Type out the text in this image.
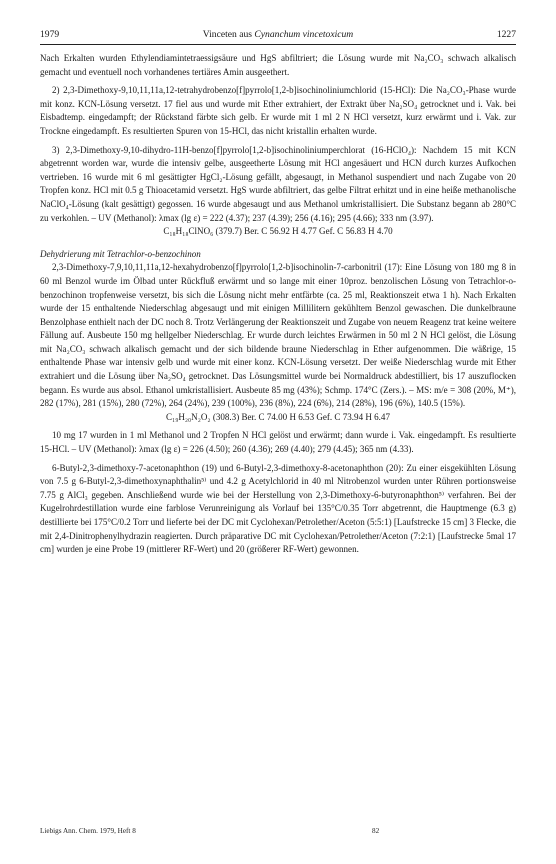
1979	Vinceten aus Cynanchum vincetoxicum	1227

Nach Erkalten wurden Ethylendiamintetraessigsäure und HgS abfiltriert; die Lösung wurde mit Na₂CO₃ schwach alkalisch gemacht und eventuell noch vorhandenes tertiäres Amin ausgeethert.

2) 2,3-Dimethoxy-9,10,11,11a,12-tetrahydrobenzo[f]pyrrolo[1,2-b]isochinoliniumchlorid (15-HCl): Die Na₂CO₃-Phase wurde mit konz. KCN-Lösung versetzt. 17 fiel aus und wurde mit Ether extrahiert, der Extrakt über Na₂SO₄ getrocknet und i. Vak. bei Eisbadtemp. eingedampft; der Rückstand färbte sich gelb. Er wurde mit 1 ml 2 N HCl versetzt, kurz erwärmt und i. Vak. zur Trockne eingedampft. Es resultierten Spuren von 15-HCl, das nicht kristallin erhalten wurde.

3) 2,3-Dimethoxy-9,10-dihydro-11H-benzo[f]pyrrolo[1,2-b]isochinoliniumperchlorat (16-HClO₄): Nachdem 15 mit KCN abgetrennt worden war, wurde die intensiv gelbe, ausgeetherte Lösung mit HCl angesäuert und HCN durch kurzes Aufkochen vertrieben. 16 wurde mit 6 ml gesättigter HgCl₂-Lösung gefällt, abgesaugt, in Methanol suspendiert und nach Zugabe von 20 Tropfen konz. HCl mit 0.5 g Thioacetamid versetzt. HgS wurde abfiltriert, das gelbe Filtrat erhitzt und in eine heiße methanolische NaClO₄-Lösung (kalt gesättigt) gegossen. 16 wurde abgesaugt und aus Methanol umkristallisiert. Die Substanz begann ab 280°C zu verkohlen. – UV (Methanol): λmax (lg ε) = 222 (4.37); 237 (4.39); 256 (4.16); 295 (4.66); 333 nm (3.97).

C₁₈H₁₈ClNO₆ (379.7) Ber. C 56.92 H 4.77 Gef. C 56.83 H 4.70

Dehydrierung mit Tetrachlor-o-benzochinon

2,3-Dimethoxy-7,9,10,11,11a,12-hexahydrobenzo[f]pyrrolo[1,2-b]isochinolin-7-carbonitril (17): Eine Lösung von 180 mg 8 in 60 ml Benzol wurde im Ölbad unter Rückfluß erwärmt und so lange mit einer 10proz. benzolischen Lösung von Tetrachlor-o-benzochinon tropfenweise versetzt, bis sich die Lösung nicht mehr entfärbte (ca. 25 ml, Reaktionszeit etwa 1 h). Nach Erkalten wurde der 15 enthaltende Niederschlag abgesaugt und mit einigen Millilitern gekühltem Benzol gewaschen. Die dunkelbraune Benzolphase enthielt nach der DC noch 8. Trotz Verlängerung der Reaktionszeit und Zugabe von neuem Reagenz trat keine weitere Fällung auf. Ausbeute 150 mg hellgelber Niederschlag. Er wurde durch leichtes Erwärmen in 50 ml 2 N HCl gelöst, die Lösung mit Na₂CO₃ schwach alkalisch gemacht und der sich bildende braune Niederschlag in Ether aufgenommen. Die wäßrige, 15 enthaltende Phase war intensiv gelb und wurde mit einer konz. KCN-Lösung versetzt. Der weiße Niederschlag wurde mit Ether extrahiert und die Lösung über Na₂SO₄ getrocknet. Das Lösungsmittel wurde bei Normaldruck abdestilliert, bis 17 auszuflocken begann. Es wurde aus absol. Ethanol umkristallisiert. Ausbeute 85 mg (43%); Schmp. 174°C (Zers.). – MS: m/e = 308 (20%, M⁺), 282 (17%), 281 (15%), 280 (72%), 264 (24%), 239 (100%), 236 (8%), 224 (6%), 214 (28%), 196 (6%), 140.5 (15%).

C₁₉H₂₀N₂O₂ (308.3) Ber. C 74.00 H 6.53 Gef. C 73.94 H 6.47

10 mg 17 wurden in 1 ml Methanol und 2 Tropfen N HCl gelöst und erwärmt; dann wurde i. Vak. eingedampft. Es resultierte 15-HCl. – UV (Methanol): λmax (lg ε) = 226 (4.50); 260 (4.36); 269 (4.40); 279 (4.45); 365 nm (4.33).

6-Butyl-2,3-dimethoxy-7-acetonaphthon (19) und 6-Butyl-2,3-dimethoxy-8-acetonaphthon (20): Zu einer eisgekühlten Lösung von 7.5 g 6-Butyl-2,3-dimethoxynaphthalin⁵⁾ und 4.2 g Acetylchlorid in 40 ml Nitrobenzol wurden unter Rühren portionsweise 7.75 g AlCl₃ gegeben. Anschließend wurde wie bei der Herstellung von 2,3-Dimethoxy-6-butyronaphthon⁵⁾ verfahren. Bei der Kugelrohrdestillation wurde eine farblose Verunreinigung als Vorlauf bei 135°C/0.35 Torr abgetrennt, die Hauptmenge (6.3 g) destillierte bei 175°C/0.2 Torr und lieferte bei der DC mit Cyclohexan/Petrolether/Aceton (5:5:1) [Laufstrecke 15 cm] 3 Flecke, die mit 2,4-Dinitrophenylhydrazin reagierten. Durch präparative DC mit Cyclohexan/Petrolether/Aceton (7:2:1) [Laufstrecke 5mal 17 cm] wurden je eine Probe 19 (mittlerer RF-Wert) und 20 (größerer RF-Wert) gewonnen.

Liebigs Ann. Chem. 1979, Heft 8	82
